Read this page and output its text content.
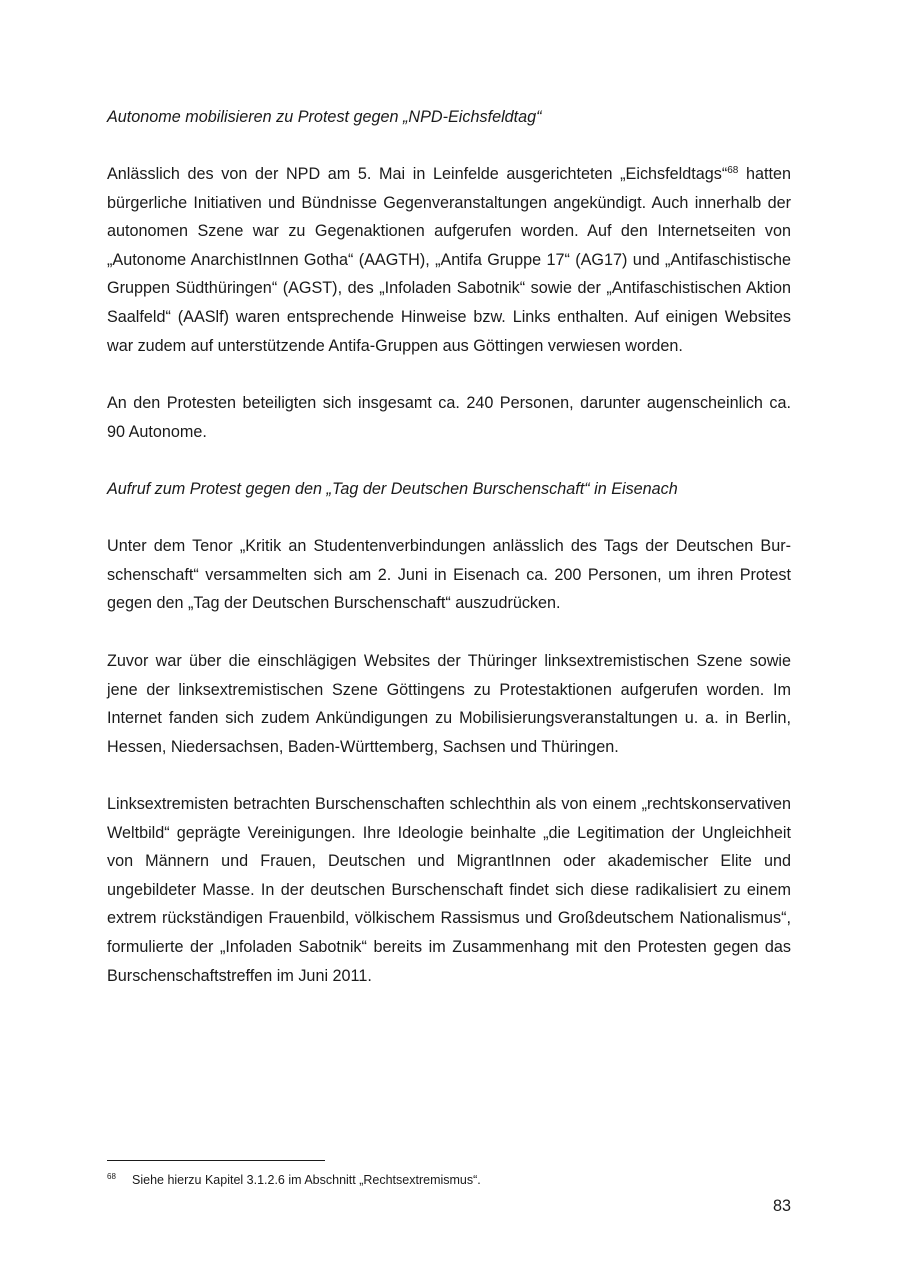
Autonome mobilisieren zu Protest gegen „NPD-Eichsfeldtag“

Anlässlich des von der NPD am 5. Mai in Leinfelde ausgerichteten „Eichsfeldtags“$^{68}$ hatten bürgerliche Initiativen und Bündnisse Gegenveranstaltungen angekündigt. Auch innerhalb der autonomen Szene war zu Gegenaktionen aufgerufen worden. Auf den Internetseiten von „Autonome AnarchistInnen Gotha“ (AAGTH), „Antifa Gruppe 17“ (AG17) und „Antifaschistische Gruppen Südthüringen“ (AGST), des „Infoladen Sabotnik“ sowie der „Antifaschistischen Aktion Saalfeld“ (AASlf) waren entsprechende Hinweise bzw. Links enthalten. Auf einigen Websites war zudem auf unterstützende Antifa-Gruppen aus Göttingen verwiesen worden.

An den Protesten beteiligten sich insgesamt ca. 240 Personen, darunter augenscheinlich ca. 90 Autonome.

Aufruf zum Protest gegen den „Tag der Deutschen Burschenschaft“ in Eisenach

Unter dem Tenor „Kritik an Studentenverbindungen anlässlich des Tags der Deutschen Burschenschaft“ versammelten sich am 2. Juni in Eisenach ca. 200 Personen, um ihren Protest gegen den „Tag der Deutschen Burschenschaft“ auszudrücken.

Zuvor war über die einschlägigen Websites der Thüringer linksextremistischen Szene sowie jene der linksextremistischen Szene Göttingens zu Protestaktionen aufgerufen worden. Im Internet fanden sich zudem Ankündigungen zu Mobilisierungsveranstaltungen u. a. in Berlin, Hessen, Niedersachsen, Baden-Württemberg, Sachsen und Thüringen.

Linksextremisten betrachten Burschenschaften schlechthin als von einem „rechtskonservativen Weltbild“ geprägte Vereinigungen. Ihre Ideologie beinhalte „die Legitimation der Ungleichheit von Männern und Frauen, Deutschen und MigrantInnen oder akademischer Elite und ungebildeter Masse. In der deutschen Burschenschaft findet sich diese radikalisiert zu einem extrem rückständigen Frauenbild, völkischem Rassismus und Großdeutschem Nationalismus“, formulierte der „Infoladen Sabotnik“ bereits im Zusammenhang mit den Protesten gegen das Burschenschaftstreffen im Juni 2011.

68 Siehe hierzu Kapitel 3.1.2.6 im Abschnitt „Rechtsextremismus“.
83
